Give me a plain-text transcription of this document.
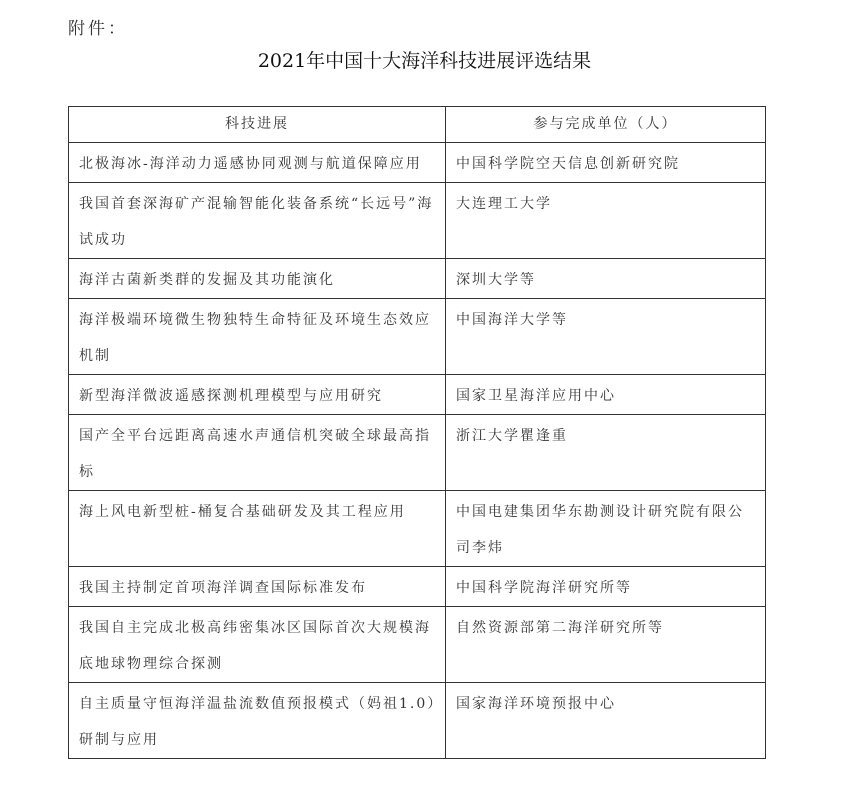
附件：
2021年中国十大海洋科技进展评选结果
科技进展	参与完成单位（人）
北极海冰-海洋动力遥感协同观测与航道保障应用	中国科学院空天信息创新研究院
我国首套深海矿产混输智能化装备系统“长远号”海试成功	大连理工大学
海洋古菌新类群的发掘及其功能演化	深圳大学等
海洋极端环境微生物独特生命特征及环境生态效应机制	中国海洋大学等
新型海洋微波遥感探测机理模型与应用研究	国家卫星海洋应用中心
国产全平台远距离高速水声通信机突破全球最高指标	浙江大学瞿逢重
海上风电新型桩-桶复合基础研发及其工程应用	中国电建集团华东勘测设计研究院有限公司李炜
我国主持制定首项海洋调查国际标准发布	中国科学院海洋研究所等
我国自主完成北极高纬密集冰区国际首次大规模海底地球物理综合探测	自然资源部第二海洋研究所等
自主质量守恒海洋温盐流数值预报模式（妈祖1.0）研制与应用	国家海洋环境预报中心
